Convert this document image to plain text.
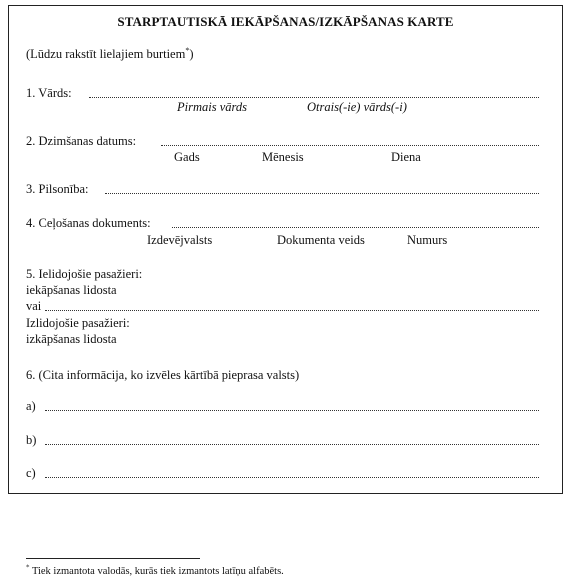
STARPTAUTISKĀ IEKĀPŠANAS/IZKĀPŠANAS KARTE
(Lūdzu rakstīt lielajiem burtiem*)
1. Vārds:
Pirmais vārds	Otrais(-ie) vārds(-i)
2. Dzimšanas datums:
Gads	Mēnesis	Diena
3. Pilsonība:
4. Ceļošanas dokuments:
Izdevējvalsts	Dokumenta veids	Numurs
5. Ielidojošie pasažieri:
iekāpšanas lidosta
vai
Izlidojošie pasažieri:
izkāpšanas lidosta
6. (Cita informācija, ko izvēles kārtībā pieprasa valsts)
a)
b)
c)
* Tiek izmantota valodās, kurās tiek izmantots latīņu alfabēts.
